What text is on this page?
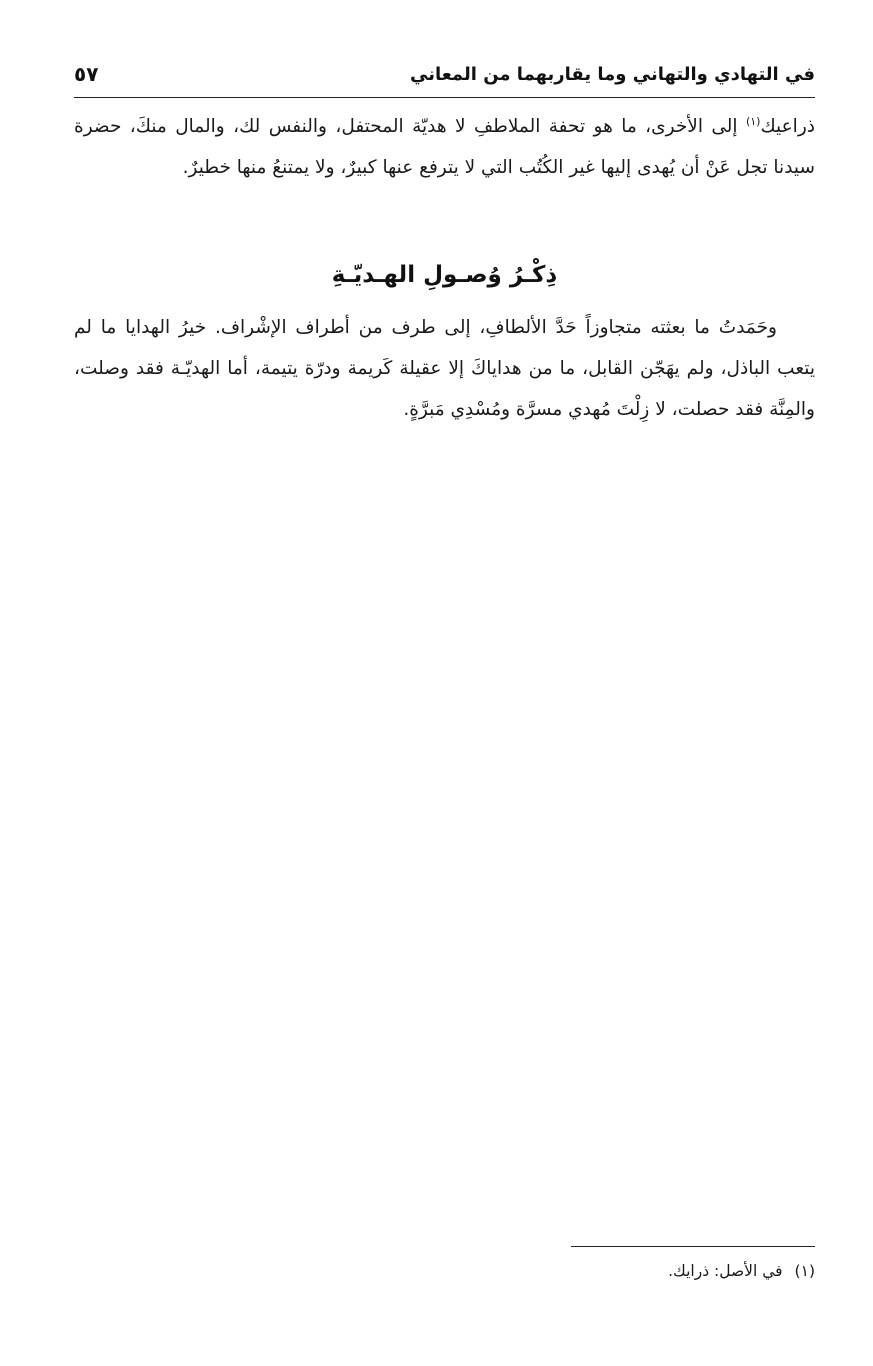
في التهادي والتهاني وما يقاربهما من المعاني
٥٧

ذراعيك$^{(١)}$ إلى الأخرى، ما هو تحفة الملاطفِ لا هديّة المحتفل، والنفس لك، والمال منكَ، حضرة سيدنا تجل عَنْ أن يُهدى إليها غير الكُتُب التي لا يترفع عنها كبيرٌ، ولا يمتنعُ منها خطيرٌ.

ذِكْـرُ وُصـولِ الهـديّـةِ

وحَمَدتُ ما بعثته متجاوزاً حَدَّ الألطافِ، إلى طرف من أطراف الإشْراف. خيرُ الهدايا ما لم يتعب الباذل، ولم يهَجّن القابل، ما من هداياكَ إلا عقيلة كَريمة ودرّة يتيمة، أما الهديّـة فقد وصلت، والمِنَّة فقد حصلت، لا زِلْتَ مُهدي مسرَّة ومُسْدِي مَبرَّةٍ.

(١)في الأصل: ذرايك.
